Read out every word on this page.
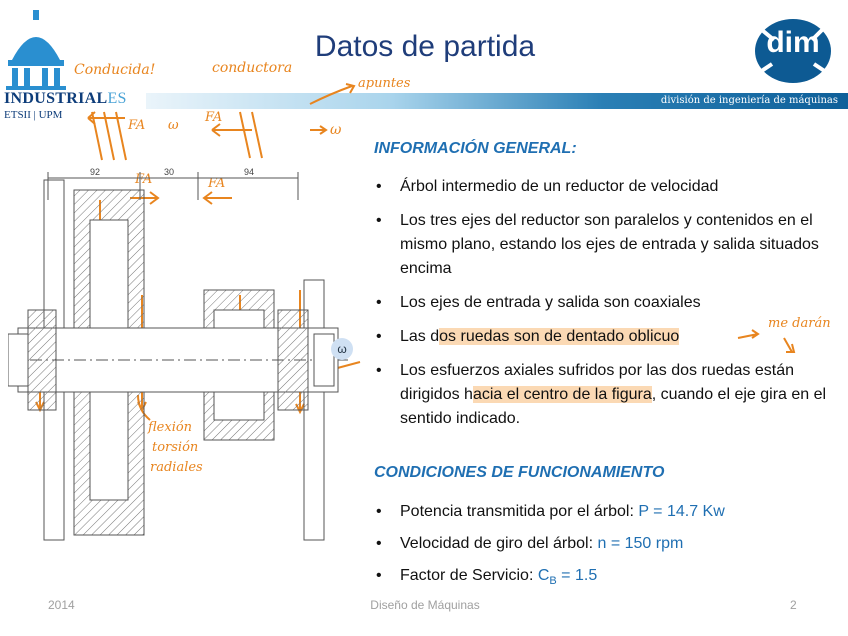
INDUSTRIALES
ETSII | UPM
Datos de partida
división de ingeniería de máquinas
dim
Conducida!	conductora
apuntes
FA ω
FA
ω
FA	FA
me darán
flexión
torsión
radiales
92	30	94
ω
INFORMACIÓN GENERAL:
• Árbol intermedio de un reductor de velocidad
• Los tres ejes del reductor son paralelos y contenidos en el mismo plano, estando los ejes de entrada y salida situados encima
• Los ejes de entrada y salida son coaxiales
• Las dos ruedas son de dentado oblicuo
• Los esfuerzos axiales sufridos por las dos ruedas están dirigidos hacia el centro de la figura, cuando el eje gira en el sentido indicado.
CONDICIONES DE FUNCIONAMIENTO
• Potencia transmitida por el árbol: P = 14.7 Kw
• Velocidad de giro del árbol: n = 150 rpm
• Factor de Servicio: $C_B = 1.5$
2014	Diseño de Máquinas	2
